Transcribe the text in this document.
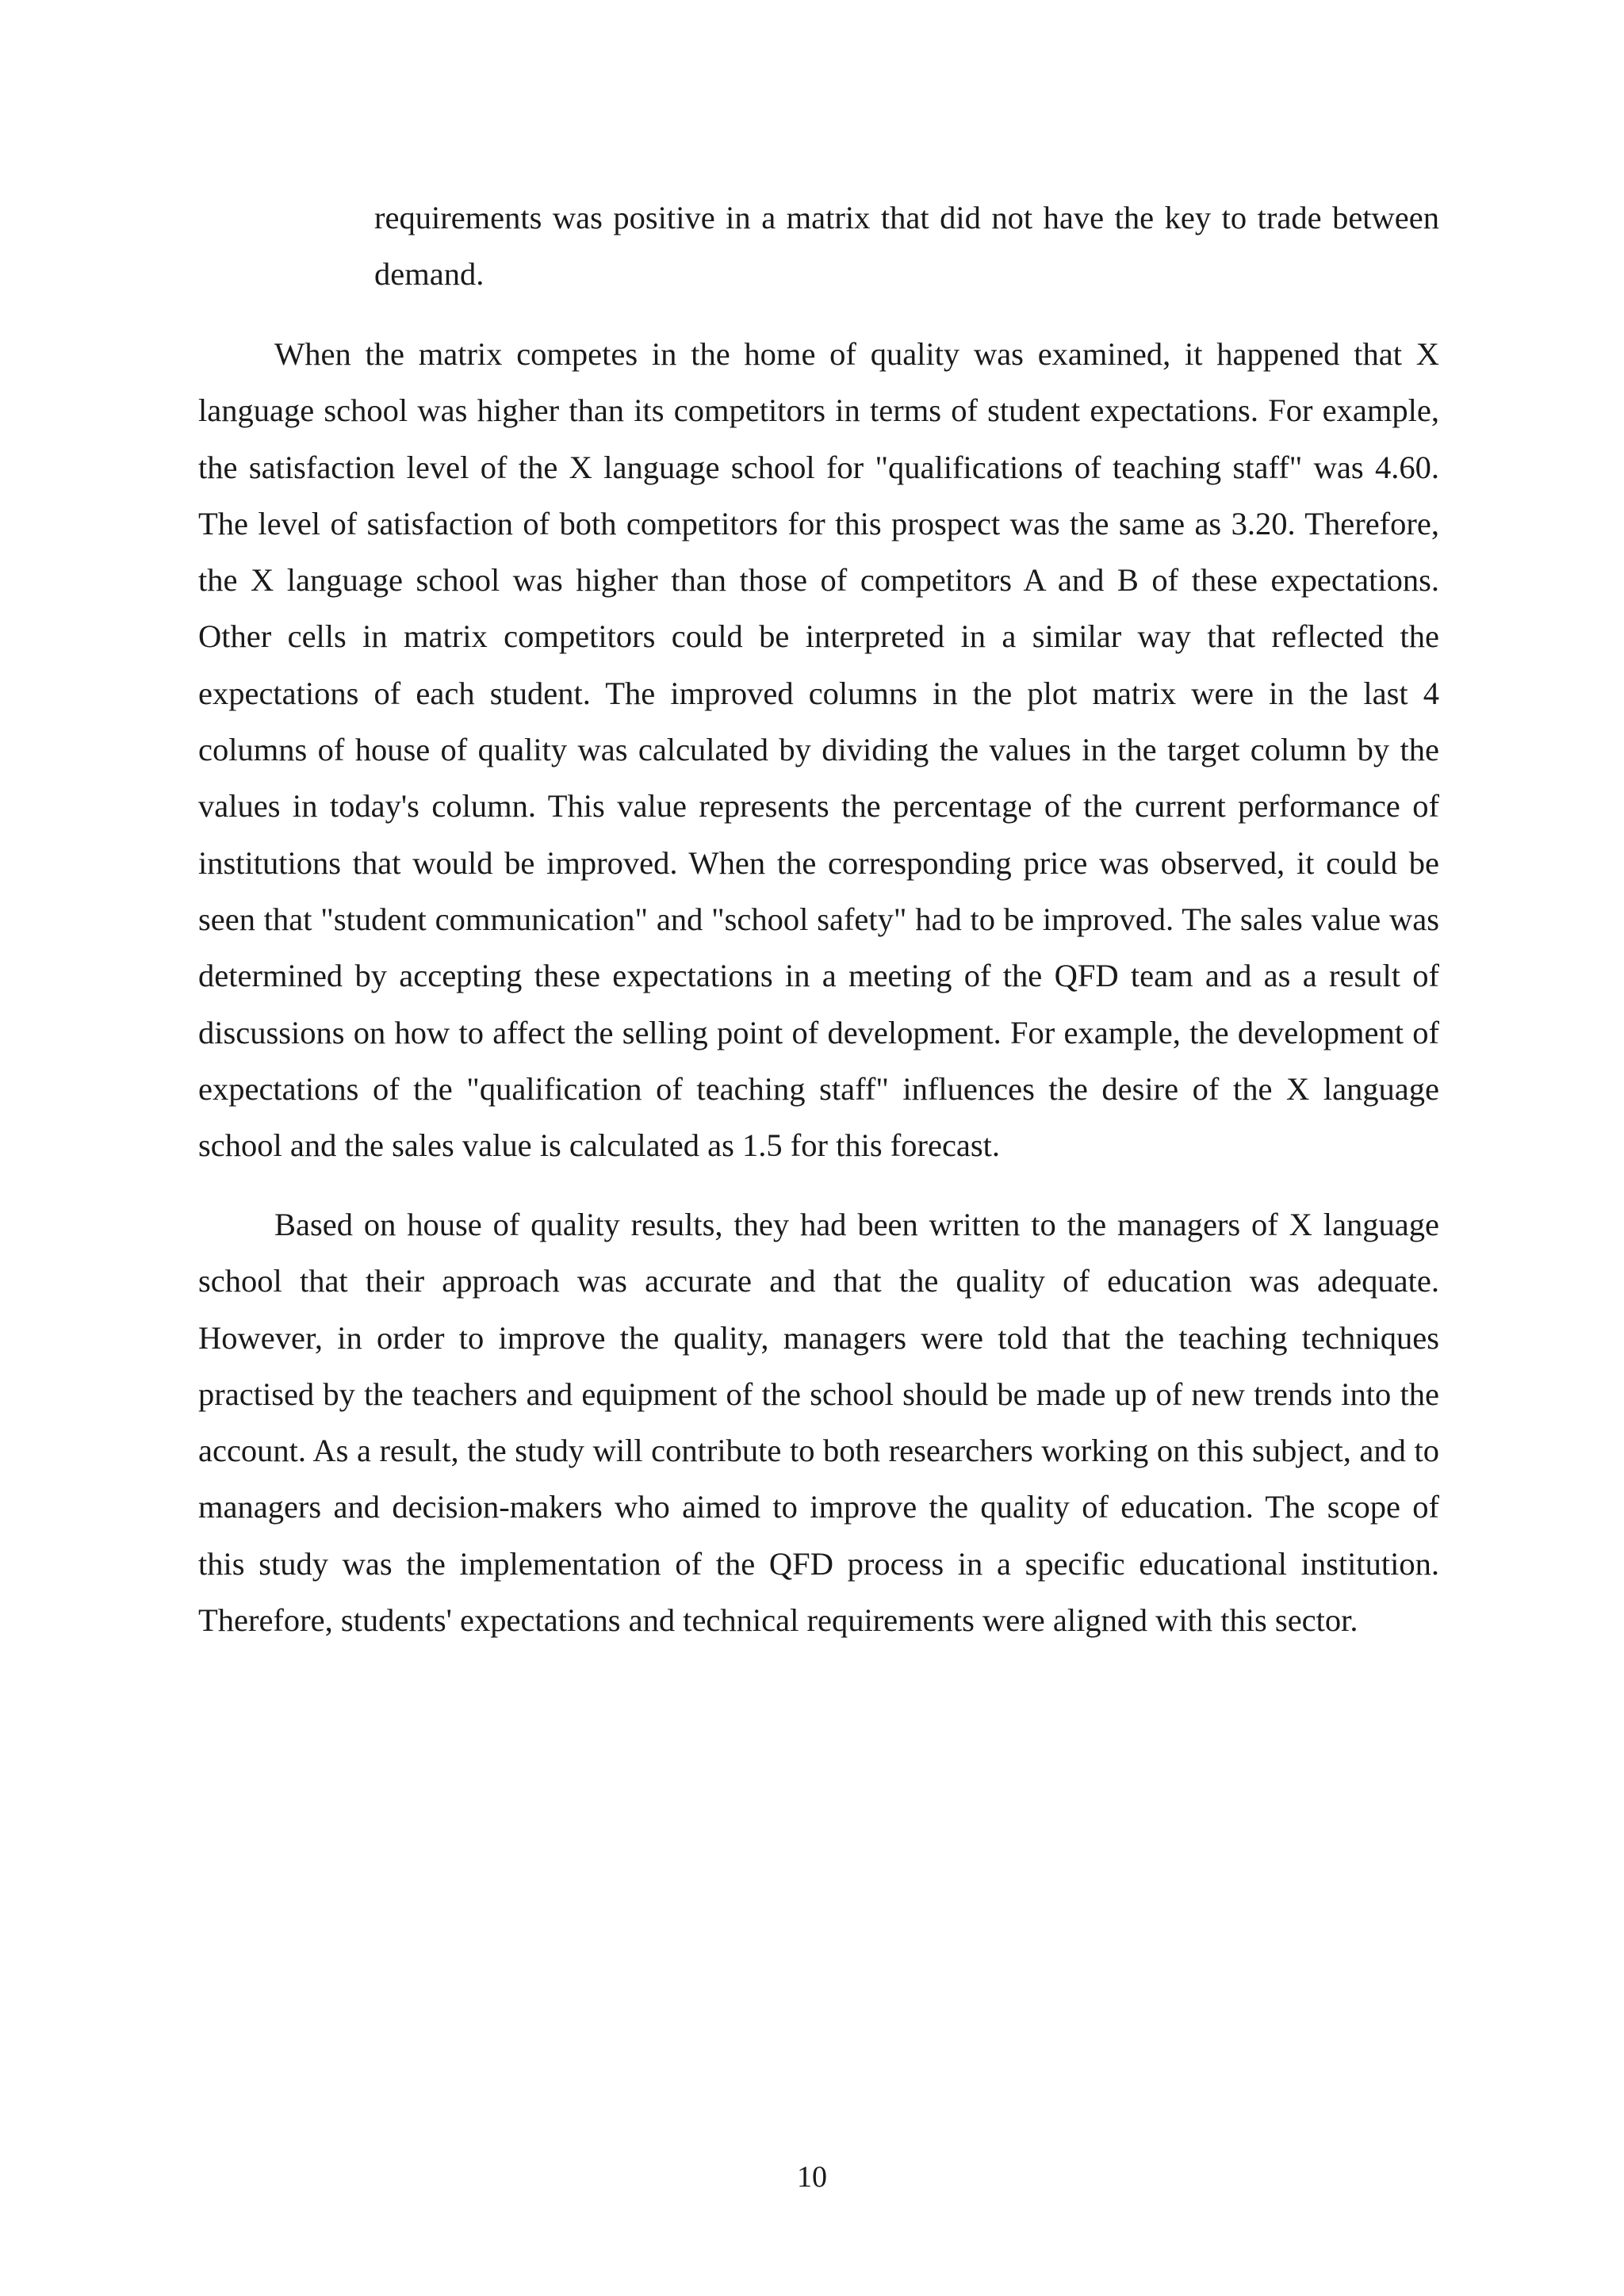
requirements was positive in a matrix that did not have the key to trade between demand.

When the matrix competes in the home of quality was examined, it happened that X language school was higher than its competitors in terms of student expectations. For example, the satisfaction level of the X language school for "qualifications of teaching staff" was 4.60. The level of satisfaction of both competitors for this prospect was the same as 3.20. Therefore, the X language school was higher than those of competitors A and B of these expectations. Other cells in matrix competitors could be interpreted in a similar way that reflected the expectations of each student. The improved columns in the plot matrix were in the last 4 columns of house of quality was calculated by dividing the values in the target column by the values in today's column. This value represents the percentage of the current performance of institutions that would be improved. When the corresponding price was observed, it could be seen that "student communication" and "school safety" had to be improved. The sales value was determined by accepting these expectations in a meeting of the QFD team and as a result of discussions on how to affect the selling point of development. For example, the development of expectations of the "qualification of teaching staff" influences the desire of the X language school and the sales value is calculated as 1.5 for this forecast.

Based on house of quality results, they had been written to the managers of X language school that their approach was accurate and that the quality of education was adequate. However, in order to improve the quality, managers were told that the teaching techniques practised by the teachers and equipment of the school should be made up of new trends into the account. As a result, the study will contribute to both researchers working on this subject, and to managers and decision-makers who aimed to improve the quality of education. The scope of this study was the implementation of the QFD process in a specific educational institution. Therefore, students' expectations and technical requirements were aligned with this sector.

10
